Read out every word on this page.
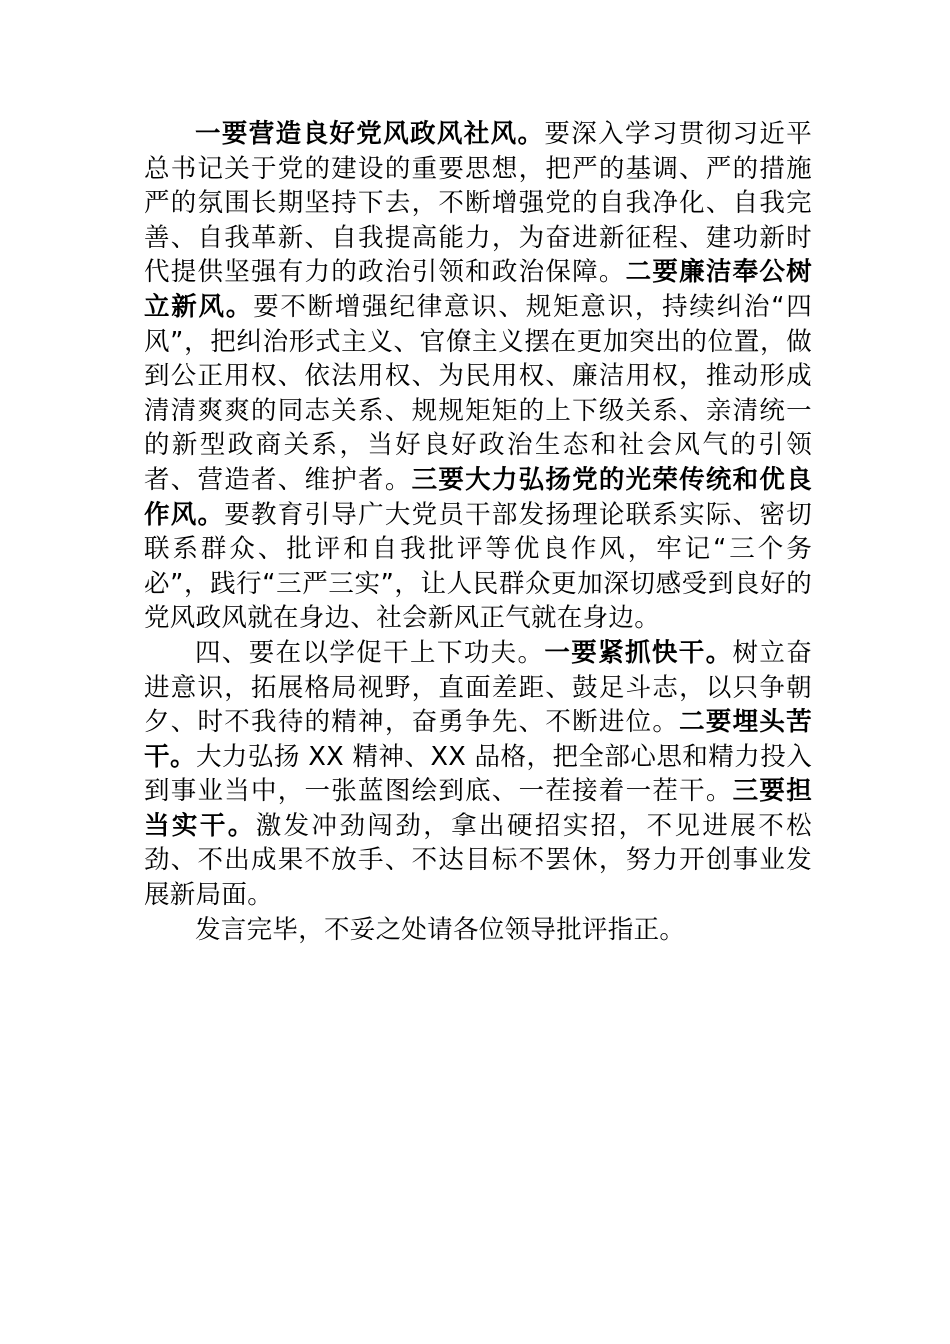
一要营造良好党风政风社风。要深入学习贯彻习近平总书记关于党的建设的重要思想，把严的基调、严的措施严的氛围长期坚持下去，不断增强党的自我净化、自我完善、自我革新、自我提高能力，为奋进新征程、建功新时代提供坚强有力的政治引领和政治保障。二要廉洁奉公树立新风。要不断增强纪律意识、规矩意识，持续纠治“四风”，把纠治形式主义、官僚主义摆在更加突出的位置，做到公正用权、依法用权、为民用权、廉洁用权，推动形成清清爽爽的同志关系、规规矩矩的上下级关系、亲清统一的新型政商关系，当好良好政治生态和社会风气的引领者、营造者、维护者。三要大力弘扬党的光荣传统和优良作风。要教育引导广大党员干部发扬理论联系实际、密切联系群众、批评和自我批评等优良作风，牢记“三个务必”，践行“三严三实”，让人民群众更加深切感受到良好的党风政风就在身边、社会新风正气就在身边。

四、要在以学促干上下功夫。一要紧抓快干。树立奋进意识，拓展格局视野，直面差距、鼓足斗志，以只争朝夕、时不我待的精神，奋勇争先、不断进位。二要埋头苦干。大力弘扬 XX 精神、XX 品格，把全部心思和精力投入到事业当中，一张蓝图绘到底、一茬接着一茬干。三要担当实干。激发冲劲闯劲，拿出硬招实招，不见进展不松劲、不出成果不放手、不达目标不罢休，努力开创事业发展新局面。

发言完毕，不妥之处请各位领导批评指正。
